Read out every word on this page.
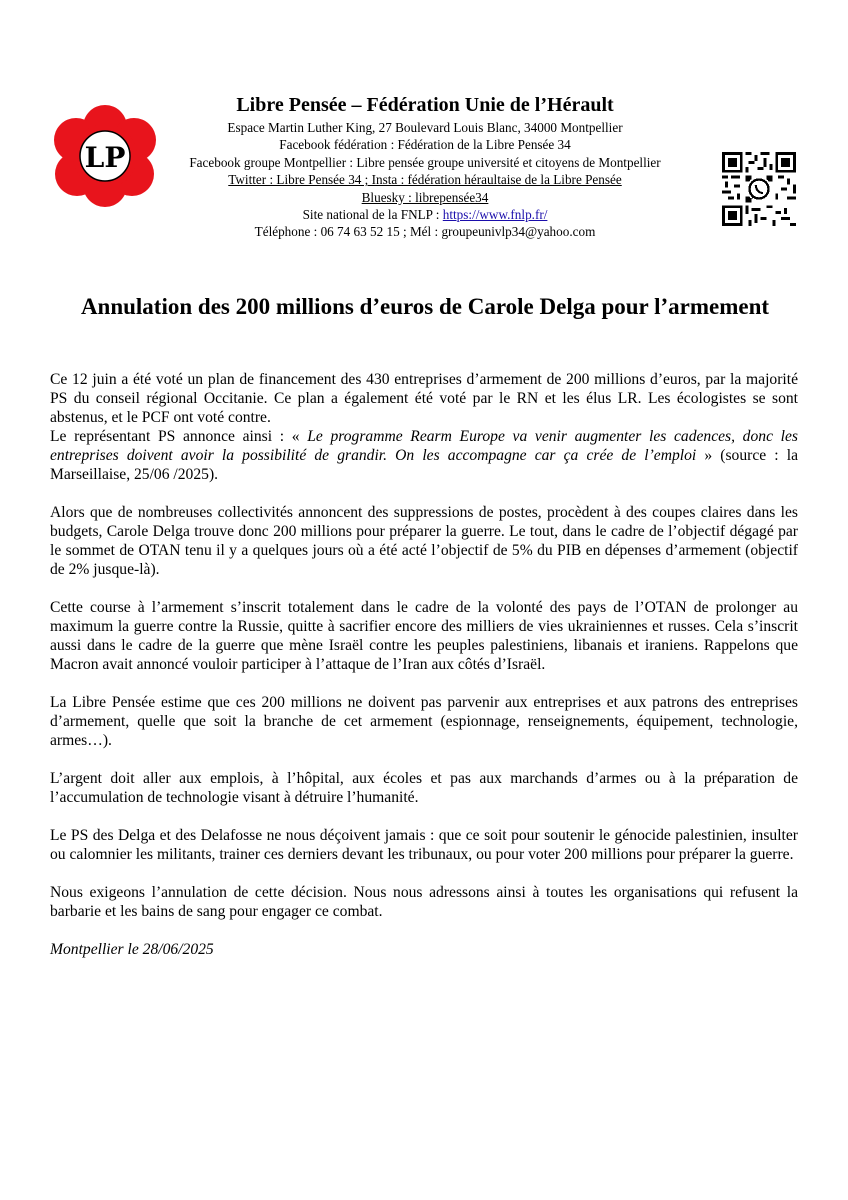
LP
Libre Pensée – Fédération Unie de l’Hérault
Espace Martin Luther King, 27 Boulevard Louis Blanc, 34000 Montpellier
Facebook fédération : Fédération de la Libre Pensée 34
Facebook groupe Montpellier : Libre pensée groupe université et citoyens de Montpellier
Twitter : Libre Pensée 34 ; Insta : fédération héraultaise de la Libre Pensée
Bluesky : librepensée34
Site national de la FNLP : https://www.fnlp.fr/
Téléphone : 06 74 63 52 15 ; Mél : groupeunivlp34@yahoo.com
Annulation des 200 millions d’euros de Carole Delga pour l’armement

Ce 12 juin a été voté un plan de financement des 430 entreprises d’armement de 200 millions d’euros, par la majorité PS du conseil régional Occitanie. Ce plan a également été voté par le RN et les élus LR. Les écologistes se sont abstenus, et le PCF ont voté contre.

Le représentant PS annonce ainsi : « Le programme Rearm Europe va venir augmenter les cadences, donc les entreprises doivent avoir la possibilité de grandir. On les accompagne car ça crée de l’emploi » (source : la Marseillaise, 25/06 /2025).

Alors que de nombreuses collectivités annoncent des suppressions de postes, procèdent à des coupes claires dans les budgets, Carole Delga trouve donc 200 millions pour préparer la guerre. Le tout, dans le cadre de l’objectif dégagé par le sommet de OTAN tenu il y a quelques jours où a été acté l’objectif de 5% du PIB en dépenses d’armement (objectif de 2% jusque-là).

Cette course à l’armement s’inscrit totalement dans le cadre de la volonté des pays de l’OTAN de prolonger au maximum la guerre contre la Russie, quitte à sacrifier encore des milliers de vies ukrainiennes et russes. Cela s’inscrit aussi dans le cadre de la guerre que mène Israël contre les peuples palestiniens, libanais et iraniens. Rappelons que Macron avait annoncé vouloir participer à l’attaque de l’Iran aux côtés d’Israël.

La Libre Pensée estime que ces 200 millions ne doivent pas parvenir aux entreprises et aux patrons des entreprises d’armement, quelle que soit la branche de cet armement (espionnage, renseignements, équipement, technologie, armes…).

L’argent doit aller aux emplois, à l’hôpital, aux écoles et pas aux marchands d’armes ou à la préparation de l’accumulation de technologie visant à détruire l’humanité.

Le PS des Delga et des Delafosse ne nous déçoivent jamais : que ce soit pour soutenir le génocide palestinien, insulter ou calomnier les militants, trainer ces derniers devant les tribunaux, ou pour voter 200 millions pour préparer la guerre.

Nous exigeons l’annulation de cette décision. Nous nous adressons ainsi à toutes les organisations qui refusent la barbarie et les bains de sang pour engager ce combat.

Montpellier le 28/06/2025
